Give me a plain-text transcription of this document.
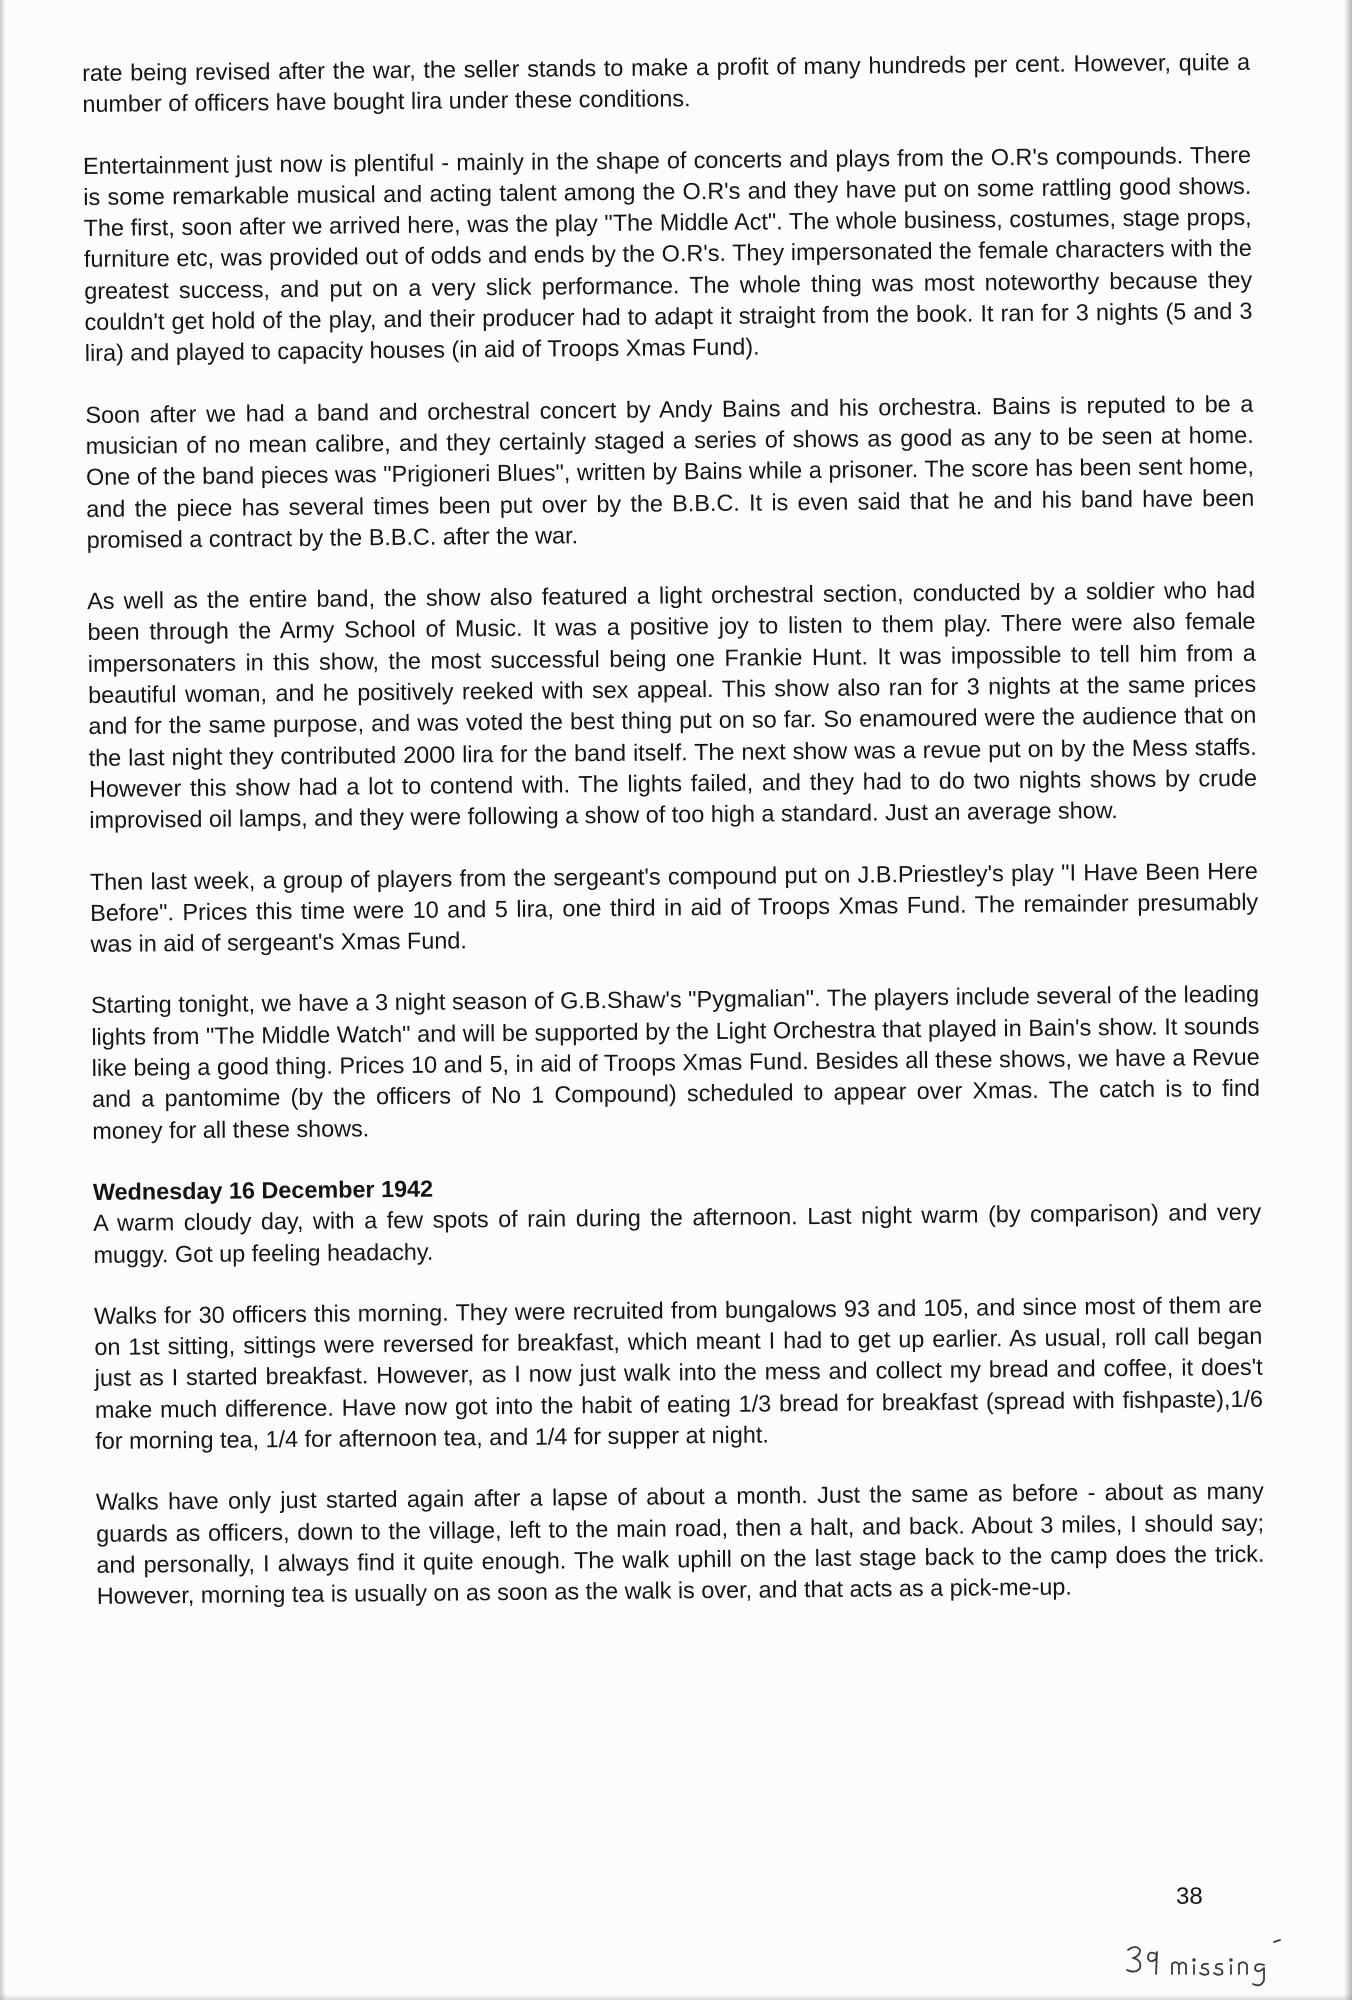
rate being revised after the war, the seller stands to make a profit of many hundreds per cent. However, quite a number of officers have bought lira under these conditions.

Entertainment just now is plentiful - mainly in the shape of concerts and plays from the O.R's compounds. There is some remarkable musical and acting talent among the O.R's and they have put on some rattling good shows. The first, soon after we arrived here, was the play "The Middle Act". The whole business, costumes, stage props, furniture etc, was provided out of odds and ends by the O.R's. They impersonated the female characters with the greatest success, and put on a very slick performance. The whole thing was most noteworthy because they couldn't get hold of the play, and their producer had to adapt it straight from the book. It ran for 3 nights (5 and 3 lira) and played to capacity houses (in aid of Troops Xmas Fund).

Soon after we had a band and orchestral concert by Andy Bains and his orchestra. Bains is reputed to be a musician of no mean calibre, and they certainly staged a series of shows as good as any to be seen at home. One of the band pieces was "Prigioneri Blues", written by Bains while a prisoner. The score has been sent home, and the piece has several times been put over by the B.B.C. It is even said that he and his band have been promised a contract by the B.B.C. after the war.

As well as the entire band, the show also featured a light orchestral section, conducted by a soldier who had been through the Army School of Music. It was a positive joy to listen to them play. There were also female impersonaters in this show, the most successful being one Frankie Hunt. It was impossible to tell him from a beautiful woman, and he positively reeked with sex appeal. This show also ran for 3 nights at the same prices and for the same purpose, and was voted the best thing put on so far. So enamoured were the audience that on the last night they contributed 2000 lira for the band itself. The next show was a revue put on by the Mess staffs. However this show had a lot to contend with. The lights failed, and they had to do two nights shows by crude improvised oil lamps, and they were following a show of too high a standard. Just an average show.

Then last week, a group of players from the sergeant's compound put on J.B.Priestley's play "I Have Been Here Before". Prices this time were 10 and 5 lira, one third in aid of Troops Xmas Fund. The remainder presumably was in aid of sergeant's Xmas Fund.

Starting tonight, we have a 3 night season of G.B.Shaw's "Pygmalian". The players include several of the leading lights from "The Middle Watch" and will be supported by the Light Orchestra that played in Bain's show. It sounds like being a good thing. Prices 10 and 5, in aid of Troops Xmas Fund. Besides all these shows, we have a Revue and a pantomime (by the officers of No 1 Compound) scheduled to appear over Xmas. The catch is to find money for all these shows.

Wednesday 16 December 1942

A warm cloudy day, with a few spots of rain during the afternoon. Last night warm (by comparison) and very muggy. Got up feeling headachy.

Walks for 30 officers this morning. They were recruited from bungalows 93 and 105, and since most of them are on 1st sitting, sittings were reversed for breakfast, which meant I had to get up earlier. As usual, roll call began just as I started breakfast. However, as I now just walk into the mess and collect my bread and coffee, it does't make much difference. Have now got into the habit of eating 1/3 bread for breakfast (spread with fishpaste),1/6 for morning tea, 1/4 for afternoon tea, and 1/4 for supper at night.

Walks have only just started again after a lapse of about a month. Just the same as before - about as many guards as officers, down to the village, left to the main road, then a halt, and back. About 3 miles, I should say; and personally, I always find it quite enough. The walk uphill on the last stage back to the camp does the trick. However, morning tea is usually on as soon as the walk is over, and that acts as a pick-me-up.

38
